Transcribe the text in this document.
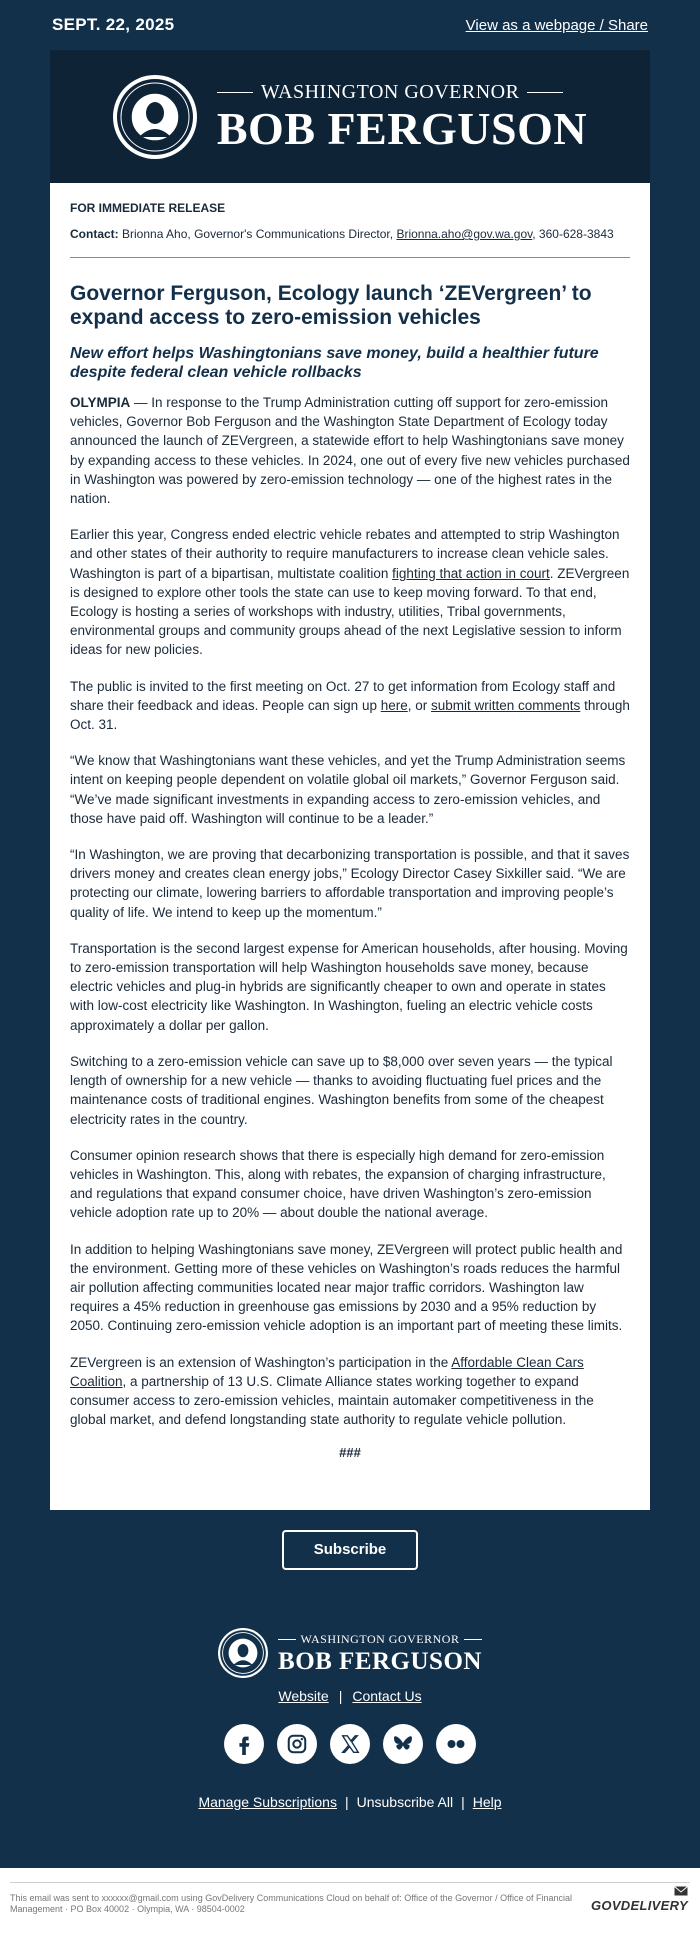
SEPT. 22, 2025	View as a webpage / Share
WASHINGTON GOVERNOR
BOB FERGUSON
FOR IMMEDIATE RELEASE
Contact: Brionna Aho, Governor's Communications Director, Brionna.aho@gov.wa.gov, 360-628-3843
Governor Ferguson, Ecology launch ‘ZEVergreen’ to expand access to zero-emission vehicles
New effort helps Washingtonians save money, build a healthier future despite federal clean vehicle rollbacks

OLYMPIA — In response to the Trump Administration cutting off support for zero-emission vehicles, Governor Bob Ferguson and the Washington State Department of Ecology today announced the launch of ZEVergreen, a statewide effort to help Washingtonians save money by expanding access to these vehicles. In 2024, one out of every five new vehicles purchased in Washington was powered by zero-emission technology — one of the highest rates in the nation.

Earlier this year, Congress ended electric vehicle rebates and attempted to strip Washington and other states of their authority to require manufacturers to increase clean vehicle sales. Washington is part of a bipartisan, multistate coalition fighting that action in court. ZEVergreen is designed to explore other tools the state can use to keep moving forward. To that end, Ecology is hosting a series of workshops with industry, utilities, Tribal governments, environmental groups and community groups ahead of the next Legislative session to inform ideas for new policies.

The public is invited to the first meeting on Oct. 27 to get information from Ecology staff and share their feedback and ideas. People can sign up here, or submit written comments through Oct. 31.

“We know that Washingtonians want these vehicles, and yet the Trump Administration seems intent on keeping people dependent on volatile global oil markets,” Governor Ferguson said. “We’ve made significant investments in expanding access to zero-emission vehicles, and those have paid off. Washington will continue to be a leader.”

“In Washington, we are proving that decarbonizing transportation is possible, and that it saves drivers money and creates clean energy jobs,” Ecology Director Casey Sixkiller said. “We are protecting our climate, lowering barriers to affordable transportation and improving people’s quality of life. We intend to keep up the momentum.”

Transportation is the second largest expense for American households, after housing. Moving to zero-emission transportation will help Washington households save money, because electric vehicles and plug-in hybrids are significantly cheaper to own and operate in states with low-cost electricity like Washington. In Washington, fueling an electric vehicle costs approximately a dollar per gallon.

Switching to a zero-emission vehicle can save up to $8,000 over seven years — the typical length of ownership for a new vehicle — thanks to avoiding fluctuating fuel prices and the maintenance costs of traditional engines. Washington benefits from some of the cheapest electricity rates in the country.

Consumer opinion research shows that there is especially high demand for zero-emission vehicles in Washington. This, along with rebates, the expansion of charging infrastructure, and regulations that expand consumer choice, have driven Washington’s zero-emission vehicle adoption rate up to 20% — about double the national average.

In addition to helping Washingtonians save money, ZEVergreen will protect public health and the environment. Getting more of these vehicles on Washington’s roads reduces the harmful air pollution affecting communities located near major traffic corridors. Washington law requires a 45% reduction in greenhouse gas emissions by 2030 and a 95% reduction by 2050. Continuing zero-emission vehicle adoption is an important part of meeting these limits.

ZEVergreen is an extension of Washington’s participation in the Affordable Clean Cars Coalition, a partnership of 13 U.S. Climate Alliance states working together to expand consumer access to zero-emission vehicles, maintain automaker competitiveness in the global market, and defend longstanding state authority to regulate vehicle pollution.

###
Subscribe
WASHINGTON GOVERNOR
BOB FERGUSON
Website | Contact Us
Manage Subscriptions | Unsubscribe All | Help
This email was sent to xxxxxx@gmail.com using GovDelivery Communications Cloud on behalf of: Office of the Governor / Office of Financial Management · PO Box 40002 · Olympia, WA · 98504-0002	GOVDELIVERY
